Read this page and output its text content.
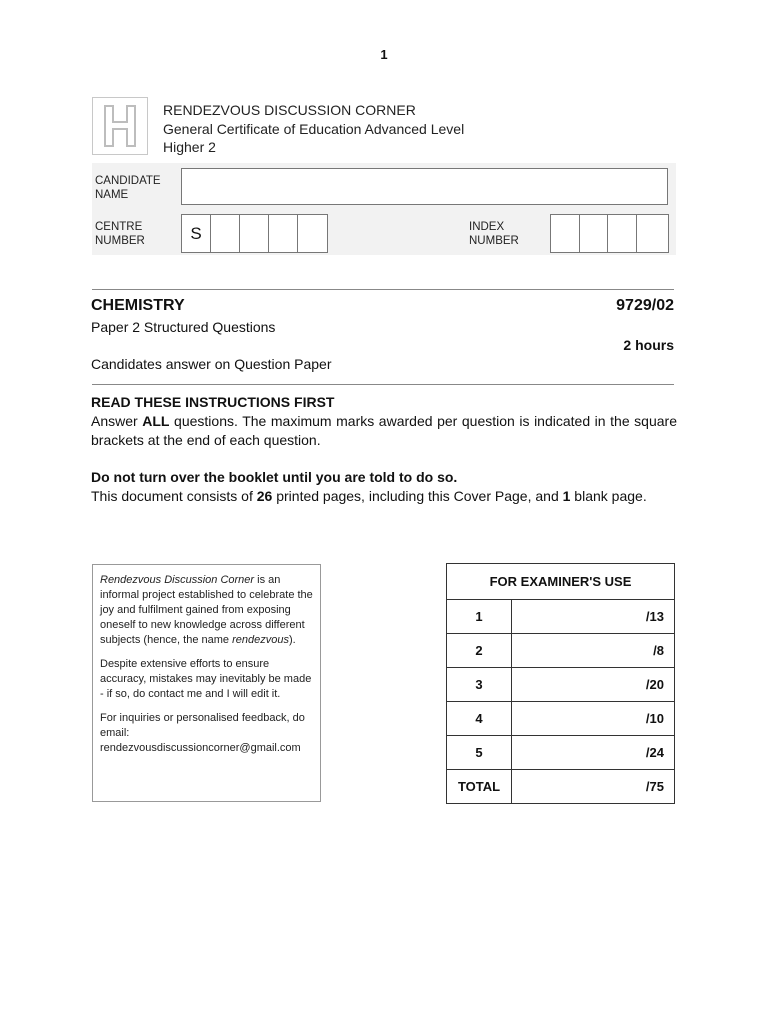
1
RENDEZVOUS DISCUSSION CORNER
General Certificate of Education Advanced Level
Higher 2
CANDIDATE
NAME
CENTRE
NUMBER	S	INDEX
NUMBER
CHEMISTRY	9729/02
Paper 2 Structured Questions
2 hours
Candidates answer on Question Paper

READ THESE INSTRUCTIONS FIRST

Answer ALL questions. The maximum marks awarded per question is indicated in the square brackets at the end of each question.

Do not turn over the booklet until you are told to do so.

This document consists of 26 printed pages, including this Cover Page, and 1 blank page.

Rendezvous Discussion Corner is an informal project established to celebrate the joy and fulfilment gained from exposing oneself to new knowledge across different subjects (hence, the name rendezvous).

Despite extensive efforts to ensure accuracy, mistakes may inevitably be made - if so, do contact me and I will edit it.

For inquiries or personalised feedback, do email:
rendezvousdiscussioncorner@gmail.com

FOR EXAMINER'S USE	
1	/13
2	/8
3	/20
4	/10
5	/24
TOTAL	/75
